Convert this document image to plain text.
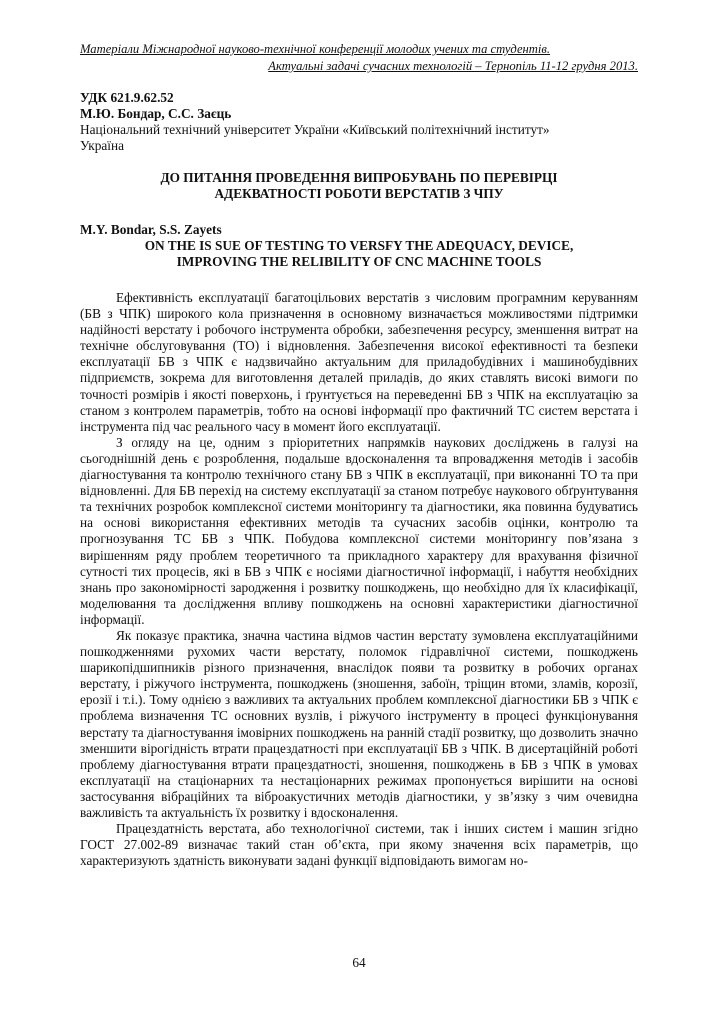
Матеріали Міжнародної науково-технічної конференції молодих учених та студентів.
Актуальні задачі сучасних технологій – Тернопіль 11-12 грудня 2013.
УДК 621.9.62.52
М.Ю. Бондар, С.С. Заєць
Національний технічний університет України «Київський політехнічний інститут»
Україна
ДО ПИТАННЯ ПРОВЕДЕННЯ ВИПРОБУВАНЬ ПО ПЕРЕВІРЦІ
АДЕКВАТНОСТІ РОБОТИ ВЕРСТАТІВ З ЧПУ
M.Y. Bondar, S.S. Zayets
ON THE IS SUE OF TESTING TO VERSFY THE ADEQUACY, DEVICE,
IMPROVING THE RELIBILITY OF CNC MACHINE TOOLS

Ефективність експлуатації багатоцільових верстатів з числовим програмним керуванням (БВ з ЧПК) широкого кола призначення в основному визначається можливостями підтримки надійності верстату і робочого інструмента обробки, забезпечення ресурсу, зменшення витрат на технічне обслуговування (ТО) і відновлення. Забезпечення високої ефективності та безпеки експлуатації БВ з ЧПК є надзвичайно актуальним для приладобудівних і машинобудівних підприємств, зокрема для виготовлення деталей приладів, до яких ставлять високі вимоги по точності розмірів і якості поверхонь, і ґрунтується на переведенні БВ з ЧПК на експлуатацію за станом з контролем параметрів, тобто на основі інформації про фактичний ТС систем верстата і інструмента під час реального часу в момент його експлуатації.

З огляду на це, одним з пріоритетних напрямків наукових досліджень в галузі на сьогоднішній день є розроблення, подальше вдосконалення та впровадження методів і засобів діагностування та контролю технічного стану БВ з ЧПК в експлуатації, при виконанні ТО та при відновленні. Для БВ перехід на систему експлуатації за станом потребує наукового обґрунтування та технічних розробок комплексної системи моніторингу та діагностики, яка повинна будуватись на основі використання ефективних методів та сучасних засобів оцінки, контролю та прогнозування ТС БВ з ЧПК. Побудова комплексної системи моніторингу пов’язана з вирішенням ряду проблем теоретичного та прикладного характеру для врахування фізичної сутності тих процесів, які в БВ з ЧПК є носіями діагностичної інформації, і набуття необхідних знань про закономірності зародження і розвитку пошкоджень, що необхідно для їх класифікації, моделювання та дослідження впливу пошкоджень на основні характеристики діагностичної інформації.

Як показує практика, значна частина відмов частин верстату зумовлена експлуатаційними пошкодженнями рухомих части верстату, поломок гідравлічної системи, пошкоджень шарикопідшипників різного призначення, внаслідок появи та розвитку в робочих органах верстату, і ріжучого інструмента, пошкоджень (зношення, забоїн, тріщин втоми, зламів, корозії, ерозії і т.і.). Тому однією з важливих та актуальних проблем комплексної діагностики БВ з ЧПК є проблема визначення ТС основних вузлів, і ріжучого інструменту в процесі функціонування верстату та діагностування імовірних пошкоджень на ранній стадії розвитку, що дозволить значно зменшити вірогідність втрати працездатності при експлуатації БВ з ЧПК. В дисертаційній роботі проблему діагностування втрати працездатності, зношення, пошкоджень в БВ з ЧПК в умовах експлуатації на стаціонарних та нестаціонарних режимах пропонується вирішити на основі застосування вібраційних та віброакустичних методів діагностики, у зв’язку з чим очевидна важливість та актуальність їх розвитку і вдосконалення.

Працездатність верстата, або технологічної системи, так і інших систем і машин згідно ГОСТ 27.002-89 визначає такий стан об’єкта, при якому значення всіх параметрів, що характеризують здатність виконувати задані функції відповідають вимогам но-

64
